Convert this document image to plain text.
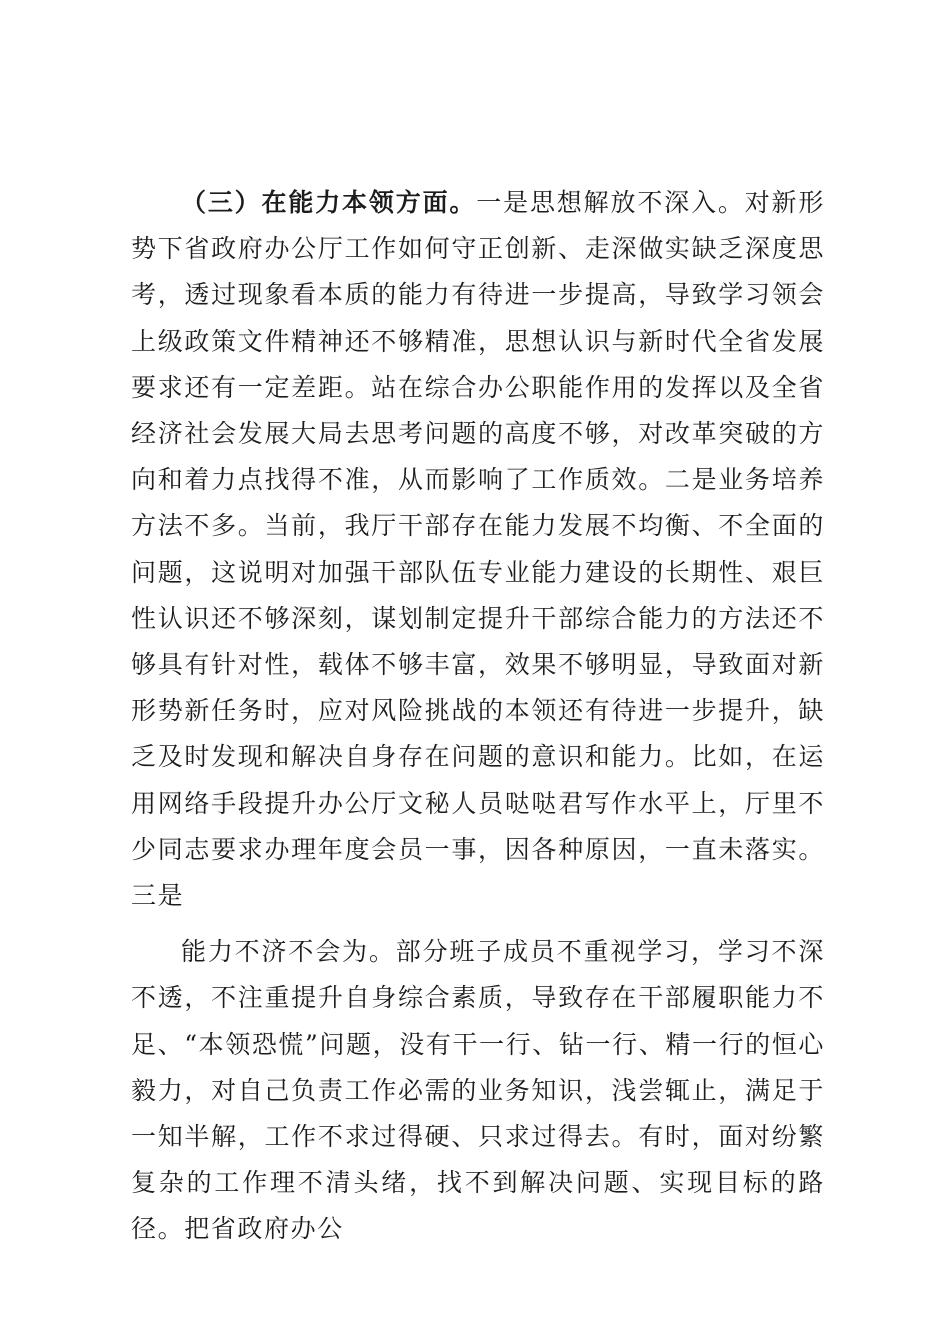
（三）在能力本领方面。一是思想解放不深入。对新形势下省政府办公厅工作如何守正创新、走深做实缺乏深度思考，透过现象看本质的能力有待进一步提高，导致学习领会上级政策文件精神还不够精准，思想认识与新时代全省发展要求还有一定差距。站在综合办公职能作用的发挥以及全省经济社会发展大局去思考问题的高度不够，对改革突破的方向和着力点找得不准，从而影响了工作质效。二是业务培养方法不多。当前，我厅干部存在能力发展不均衡、不全面的问题，这说明对加强干部队伍专业能力建设的长期性、艰巨性认识还不够深刻，谋划制定提升干部综合能力的方法还不够具有针对性，载体不够丰富，效果不够明显，导致面对新形势新任务时，应对风险挑战的本领还有待进一步提升，缺乏及时发现和解决自身存在问题的意识和能力。比如，在运用网络手段提升办公厅文秘人员哒哒君写作水平上，厅里不少同志要求办理年度会员一事，因各种原因，一直未落实。三是

能力不济不会为。部分班子成员不重视学习，学习不深不透，不注重提升自身综合素质，导致存在干部履职能力不足、“本领恐慌”问题，没有干一行、钻一行、精一行的恒心毅力，对自己负责工作必需的业务知识，浅尝辄止，满足于一知半解，工作不求过得硬、只求过得去。有时，面对纷繁复杂的工作理不清头绪，找不到解决问题、实现目标的路径。把省政府办公
